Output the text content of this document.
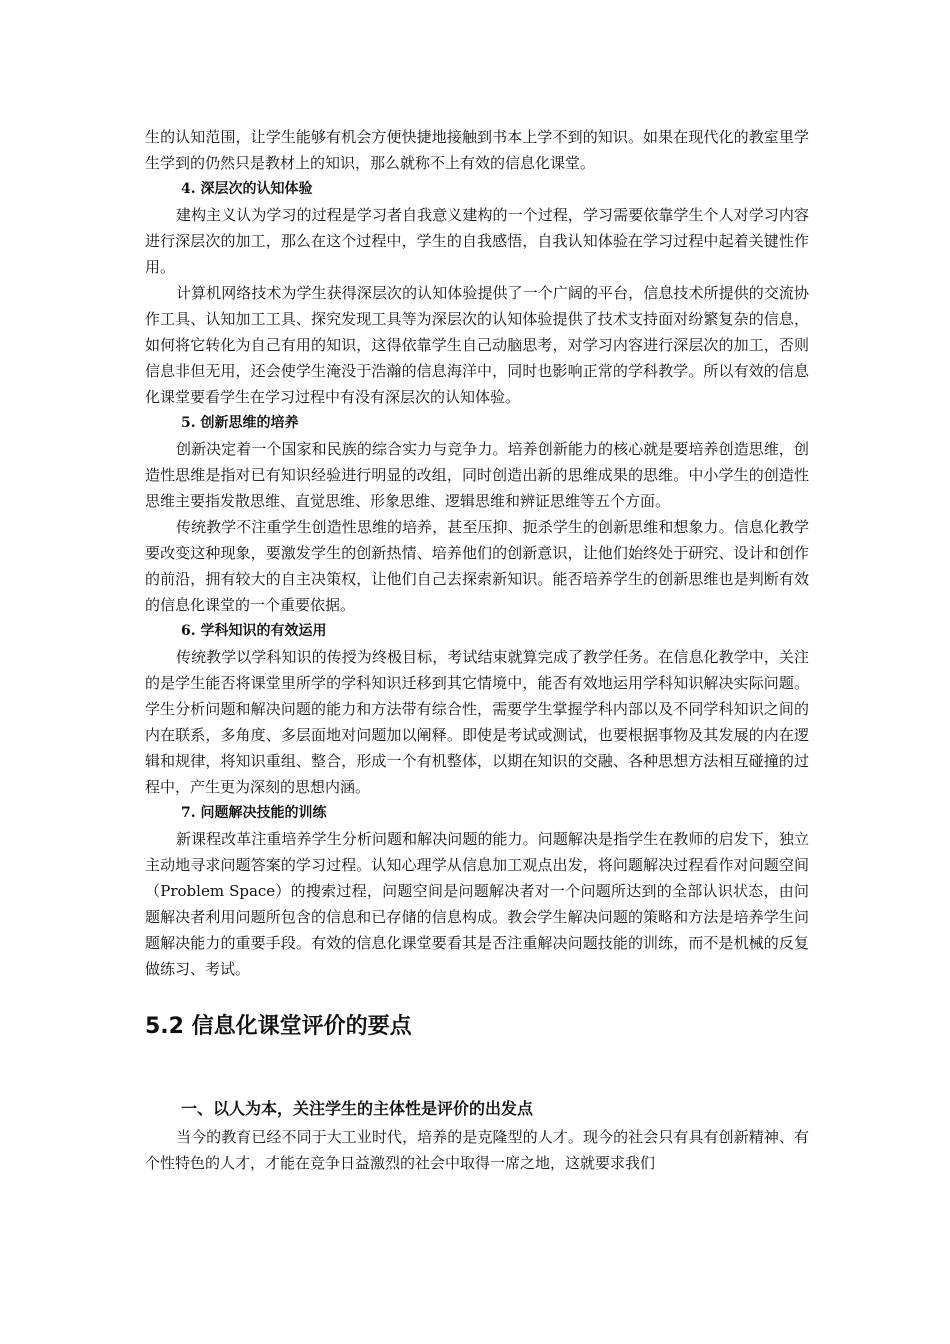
生的认知范围，让学生能够有机会方便快捷地接触到书本上学不到的知识。如果在现代化的教室里学生学到的仍然只是教材上的知识，那么就称不上有效的信息化课堂。

4. 深层次的认知体验

建构主义认为学习的过程是学习者自我意义建构的一个过程，学习需要依靠学生个人对学习内容进行深层次的加工，那么在这个过程中，学生的自我感悟，自我认知体验在学习过程中起着关键性作用。

计算机网络技术为学生获得深层次的认知体验提供了一个广阔的平台，信息技术所提供的交流协作工具、认知加工工具、探究发现工具等为深层次的认知体验提供了技术支持面对纷繁复杂的信息，如何将它转化为自己有用的知识，这得依靠学生自己动脑思考，对学习内容进行深层次的加工，否则信息非但无用，还会使学生淹没于浩瀚的信息海洋中，同时也影响正常的学科教学。所以有效的信息化课堂要看学生在学习过程中有没有深层次的认知体验。

5. 创新思维的培养

创新决定着一个国家和民族的综合实力与竞争力。培养创新能力的核心就是要培养创造思维，创造性思维是指对已有知识经验进行明显的改组，同时创造出新的思维成果的思维。中小学生的创造性思维主要指发散思维、直觉思维、形象思维、逻辑思维和辨证思维等五个方面。

传统教学不注重学生创造性思维的培养，甚至压抑、扼杀学生的创新思维和想象力。信息化教学要改变这种现象，要激发学生的创新热情、培养他们的创新意识，让他们始终处于研究、设计和创作的前沿，拥有较大的自主决策权，让他们自己去探索新知识。能否培养学生的创新思维也是判断有效的信息化课堂的一个重要依据。

6. 学科知识的有效运用

传统教学以学科知识的传授为终极目标，考试结束就算完成了教学任务。在信息化教学中，关注的是学生能否将课堂里所学的学科知识迁移到其它情境中，能否有效地运用学科知识解决实际问题。学生分析问题和解决问题的能力和方法带有综合性，需要学生掌握学科内部以及不同学科知识之间的内在联系，多角度、多层面地对问题加以阐释。即使是考试或测试，也要根据事物及其发展的内在逻辑和规律，将知识重组、整合，形成一个有机整体，以期在知识的交融、各种思想方法相互碰撞的过程中，产生更为深刻的思想内涵。

7. 问题解决技能的训练

新课程改革注重培养学生分析问题和解决问题的能力。问题解决是指学生在教师的启发下，独立主动地寻求问题答案的学习过程。认知心理学从信息加工观点出发，将问题解决过程看作对问题空间（Problem Space）的搜索过程，问题空间是问题解决者对一个问题所达到的全部认识状态，由问题解决者利用问题所包含的信息和已存储的信息构成。教会学生解决问题的策略和方法是培养学生问题解决能力的重要手段。有效的信息化课堂要看其是否注重解决问题技能的训练，而不是机械的反复做练习、考试。

5.2 信息化课堂评价的要点
一、以人为本，关注学生的主体性是评价的出发点

当今的教育已经不同于大工业时代，培养的是克隆型的人才。现今的社会只有具有创新精神、有个性特色的人才，才能在竞争日益激烈的社会中取得一席之地，这就要求我们
